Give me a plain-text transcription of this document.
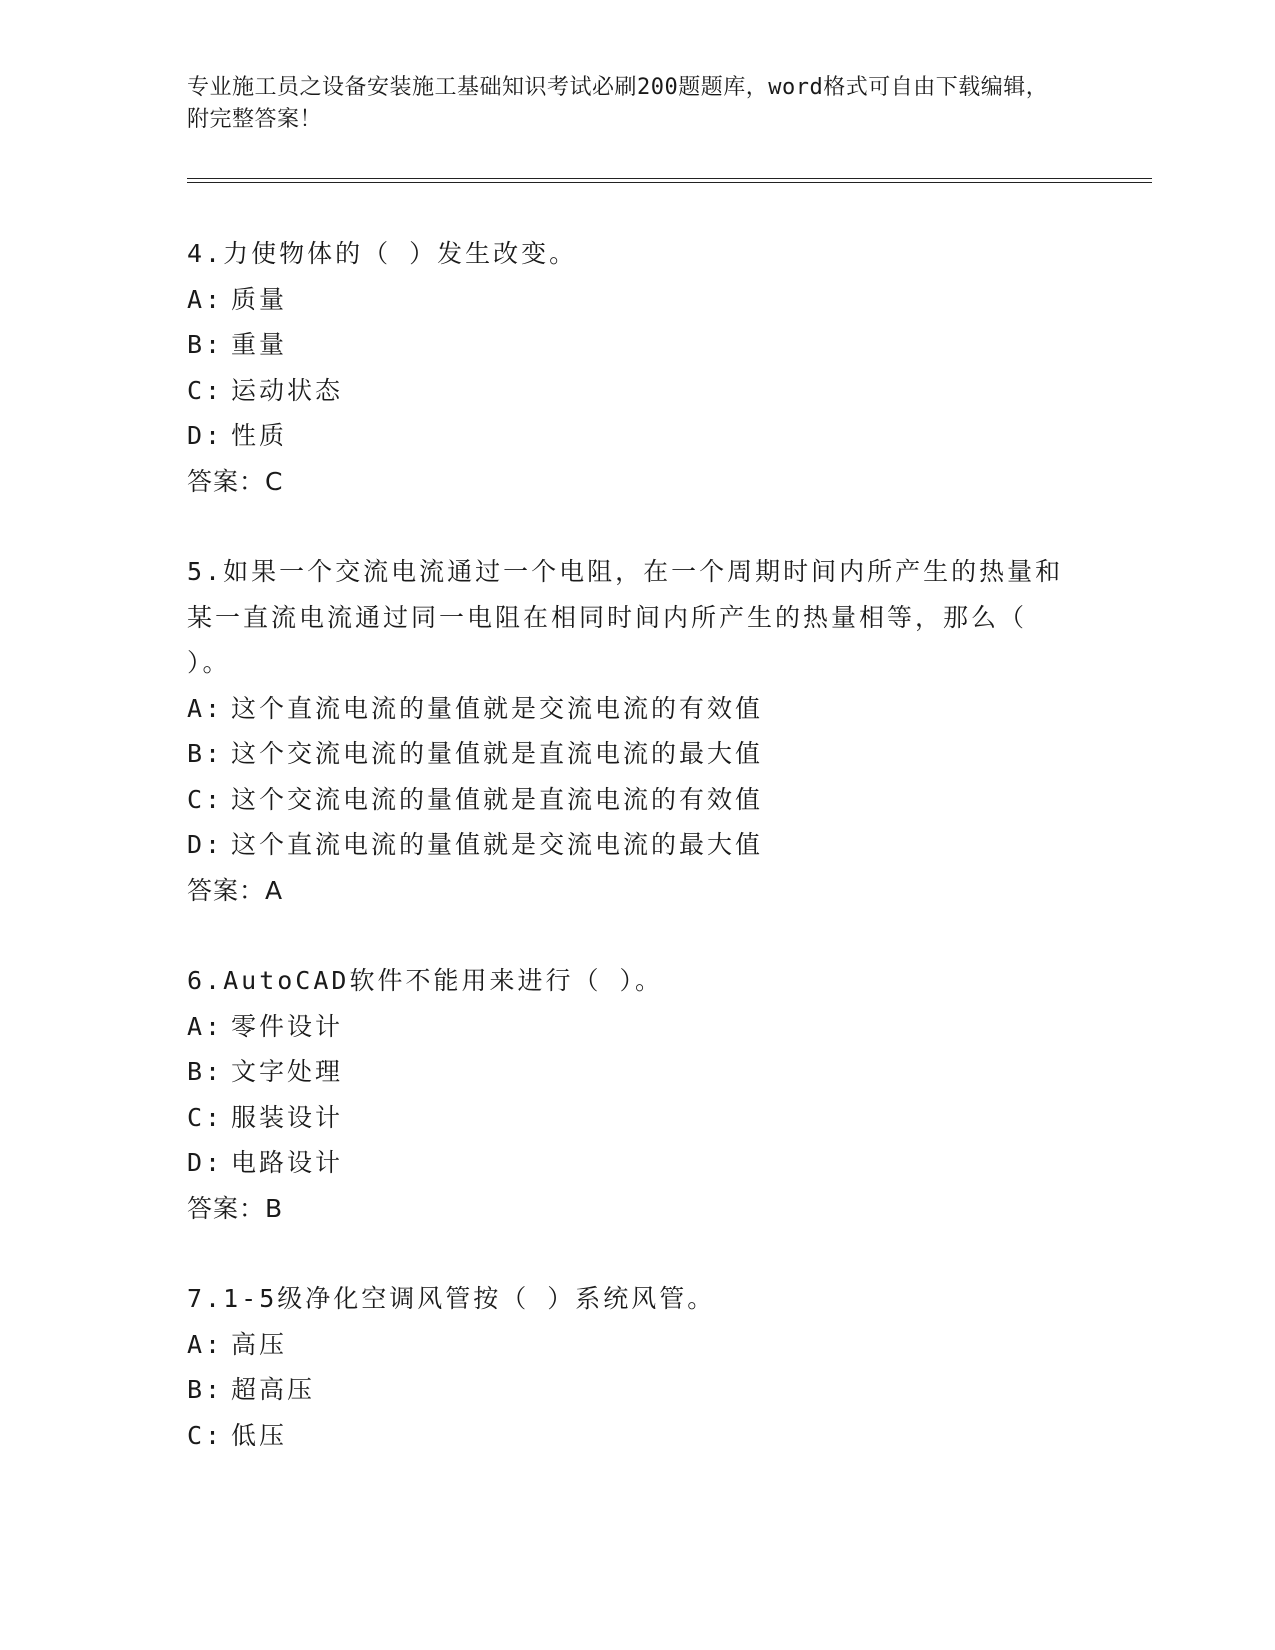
专业施工员之设备安装施工基础知识考试必刷200题题库，word格式可自由下载编辑，附完整答案！

4.力使物体的（ ）发生改变。

A: 质量

B: 重量

C: 运动状态

D: 性质

答案：C

5.如果一个交流电流通过一个电阻，在一个周期时间内所产生的热量和某一直流电流通过同一电阻在相同时间内所产生的热量相等，那么（ ）。

A: 这个直流电流的量值就是交流电流的有效值

B: 这个交流电流的量值就是直流电流的最大值

C: 这个交流电流的量值就是直流电流的有效值

D: 这个直流电流的量值就是交流电流的最大值

答案：A

6.AutoCAD软件不能用来进行（ ）。

A: 零件设计

B: 文字处理

C: 服装设计

D: 电路设计

答案：B

7.1-5级净化空调风管按（ ）系统风管。

A: 高压

B: 超高压

C: 低压
